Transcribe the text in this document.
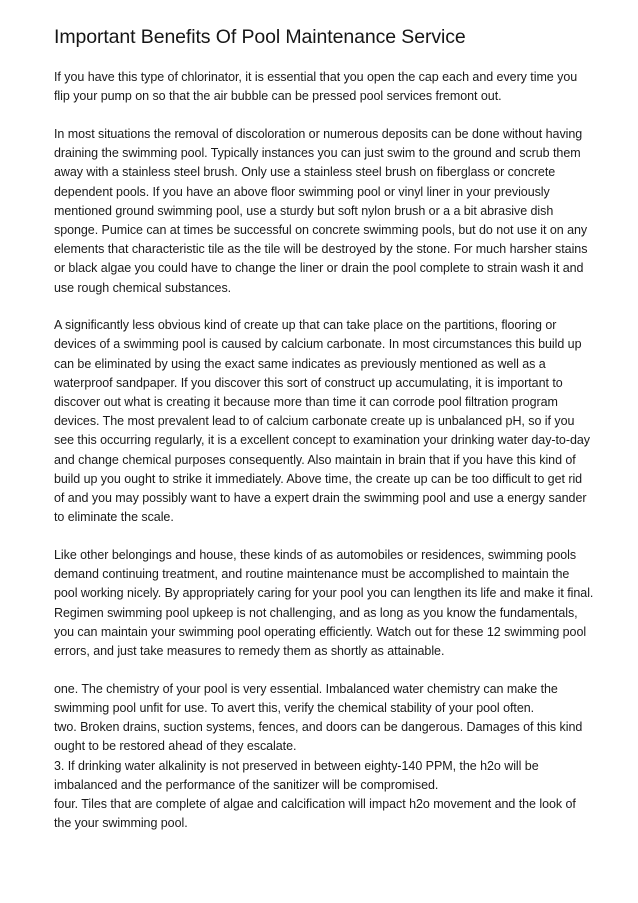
Important Benefits Of Pool Maintenance Service

If you have this type of chlorinator, it is essential that you open the cap each and every time you flip your pump on so that the air bubble can be pressed pool services fremont out.

In most situations the removal of discoloration or numerous deposits can be done without having draining the swimming pool. Typically instances you can just swim to the ground and scrub them away with a stainless steel brush. Only use a stainless steel brush on fiberglass or concrete dependent pools. If you have an above floor swimming pool or vinyl liner in your previously mentioned ground swimming pool, use a sturdy but soft nylon brush or a a bit abrasive dish sponge. Pumice can at times be successful on concrete swimming pools, but do not use it on any elements that characteristic tile as the tile will be destroyed by the stone. For much harsher stains or black algae you could have to change the liner or drain the pool complete to strain wash it and use rough chemical substances.

A significantly less obvious kind of create up that can take place on the partitions, flooring or devices of a swimming pool is caused by calcium carbonate. In most circumstances this build up can be eliminated by using the exact same indicates as previously mentioned as well as a waterproof sandpaper. If you discover this sort of construct up accumulating, it is important to discover out what is creating it because more than time it can corrode pool filtration program devices. The most prevalent lead to of calcium carbonate create up is unbalanced pH, so if you see this occurring regularly, it is a excellent concept to examination your drinking water day-to-day and change chemical purposes consequently. Also maintain in brain that if you have this kind of build up you ought to strike it immediately. Above time, the create up can be too difficult to get rid of and you may possibly want to have a expert drain the swimming pool and use a energy sander to eliminate the scale.

Like other belongings and house, these kinds of as automobiles or residences, swimming pools demand continuing treatment, and routine maintenance must be accomplished to maintain the pool working nicely. By appropriately caring for your pool you can lengthen its life and make it final. Regimen swimming pool upkeep is not challenging, and as long as you know the fundamentals, you can maintain your swimming pool operating efficiently. Watch out for these 12 swimming pool errors, and just take measures to remedy them as shortly as attainable.

one. The chemistry of your pool is very essential. Imbalanced water chemistry can make the swimming pool unfit for use. To avert this, verify the chemical stability of your pool often.

two. Broken drains, suction systems, fences, and doors can be dangerous. Damages of this kind ought to be restored ahead of they escalate.

3. If drinking water alkalinity is not preserved in between eighty-140 PPM, the h2o will be imbalanced and the performance of the sanitizer will be compromised.

four. Tiles that are complete of algae and calcification will impact h2o movement and the look of the your swimming pool.
